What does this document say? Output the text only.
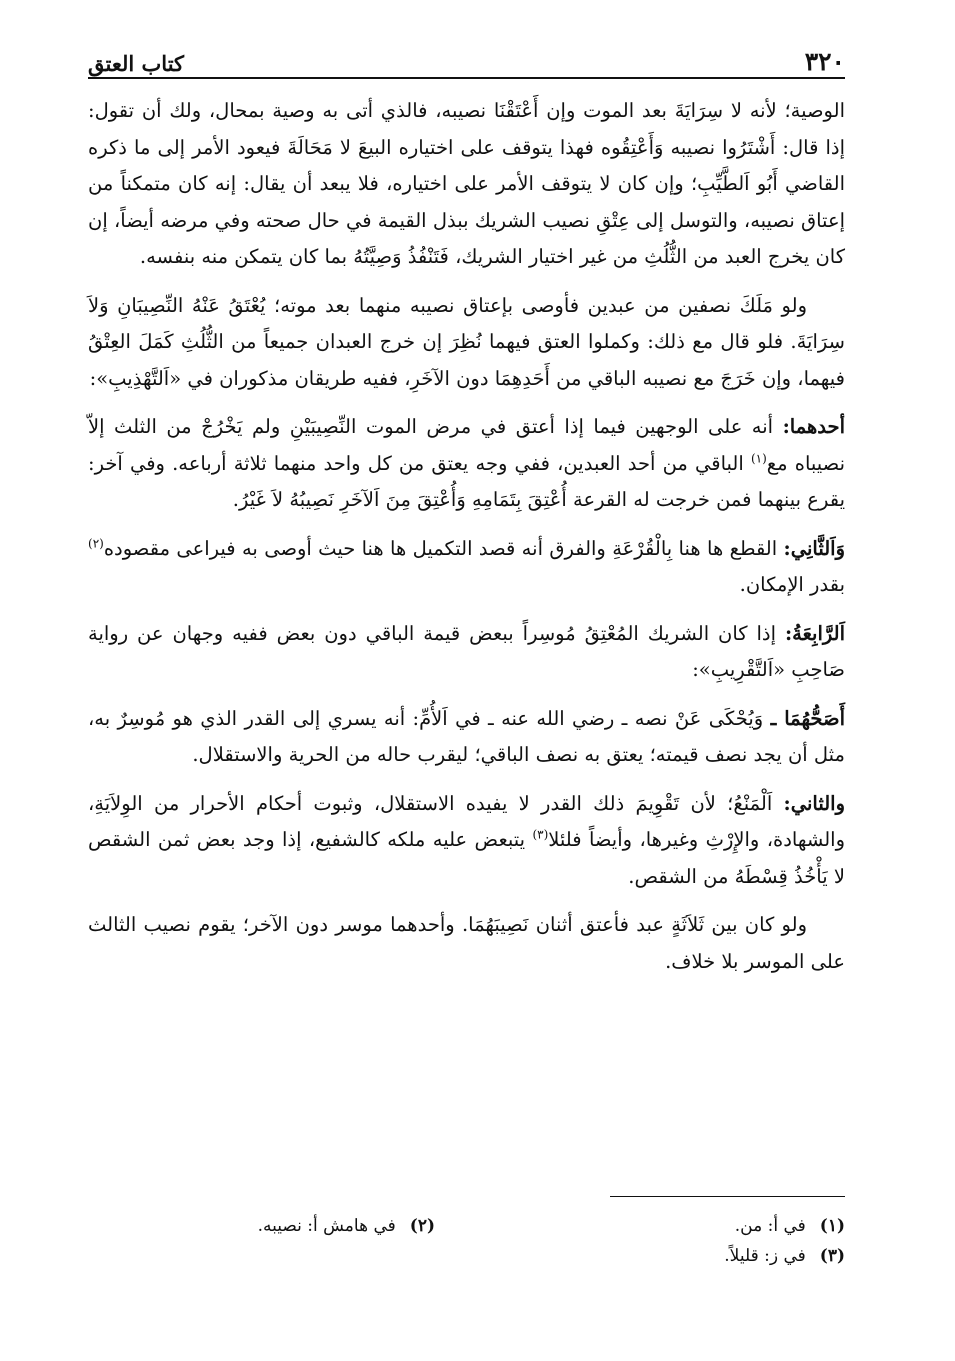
٣٢٠
كتاب العتق

الوصية؛ لأنه لا سِرَايَةَ بعد الموت وإن أَعْتَقْنَا نصيبه، فالذي أتى به وصية بمحال، ولك أن تقول: إذا قال: أَشْتَرُوا نصيبه وَأَعْتِقُوه فهذا يتوقف على اختياره البيعَ لا مَحَالَةَ فيعود الأمر إلى ما ذكره القاضي أَبُو اَلطَّيِّبِ؛ وإن كان لا يتوقف الأمر على اختياره، فلا يبعد أن يقال: إنه كان متمكناً من إعتاق نصيبه، والتوسل إلى عِتْقِ نصيب الشريك ببذل القيمة في حال صحته وفي مرضه أيضاً، إن كان يخرج العبد من الثُّلُثِ من غير اختيار الشريك، فَتَنْفُذُ وَصِيَّتُهُ بما كان يتمكن منه بنفسه.

ولو مَلَكَ نصفين من عبدين فأوصى بإعتاق نصيبه منهما بعد موته؛ يُعْتَقُ عَنْهُ النِّصِيبَانِ وَلاَ سِرَايَةَ. فلو قال مع ذلك: وكملوا العتق فيهما نُظِرَ إن خرج العبدان جميعاً من الثُّلُثِ كَمَلَ العِتْقُ فيهما، وإن خَرَجَ مع نصيبه الباقي من أَحَدِهِمَا دون الآخَرِ، ففيه طريقان مذكوران في «اَلتَّهْذِيبِ»:

أحدهما: أنه على الوجهين فيما إذا أعتق في مرض الموت النِّصِيبَيْنِ ولم يَخْرُجْ من الثلث إلاّ نصيباه مع$^{(١)}$ الباقي من أحد العبدين، ففي وجه يعتق من كل واحد منهما ثلاثة أرباعه. وفي آخر: يقرع بينهما فمن خرجت له القرعة أُعْتِقَ بِتَمَامِهِ وَأُعْتِقَ مِنَ اَلآخَرِ نَصِيبُهُ لاَ غَيْرُ.

وَاَلثَّانِي: القطع ها هنا بِالْقُرْعَةِ والفرق أنه قصد التكميل ها هنا حيث أوصى به فيراعى مقصوده$^{(٢)}$ بقدر الإمكان.

اَلرَّابِعَةُ: إذا كان الشريك المُعْتِقُ مُوسِراً ببعض قيمة الباقي دون بعض ففيه وجهان عن رواية صَاحِبِ «اَلتَّقْرِيبِ»:

أَصَحُّهُمَا ـ وَيُحْكَى عَنْ نصه ـ رضي الله عنه ـ في اَلأُمِّ: أنه يسري إلى القدر الذي هو مُوسِرٌ به، مثل أن يجد نصف قيمته؛ يعتق به نصف الباقي؛ ليقرب حاله من الحرية والاستقلال.

والثاني: اَلْمَنْعُ؛ لأن تَقْوِيمَ ذلك القدر لا يفيده الاستقلال، وثبوت أحكام الأحرار من الوِلاَيَةِ، والشهادة، والإِرْثِ وغيرها، وأيضاً فلئلا$^{(٣)}$ يتبعض عليه ملكه كالشفيع، إذا وجد بعض ثمن الشقص لا يَأْخُذُ قِسْطَهُ من الشقص.

ولو كان بين ثَلاَثَةٍ عبد فأعتق أثنان نَصِيبَهُمَا. وأحدهما موسر دون الآخر؛ يقوم نصيب الثالث على الموسر بلا خلاف.

(١)
في أ: من.
(٢)
في هامش أ: نصيبه.
(٣)
في ز: قليلاً.
